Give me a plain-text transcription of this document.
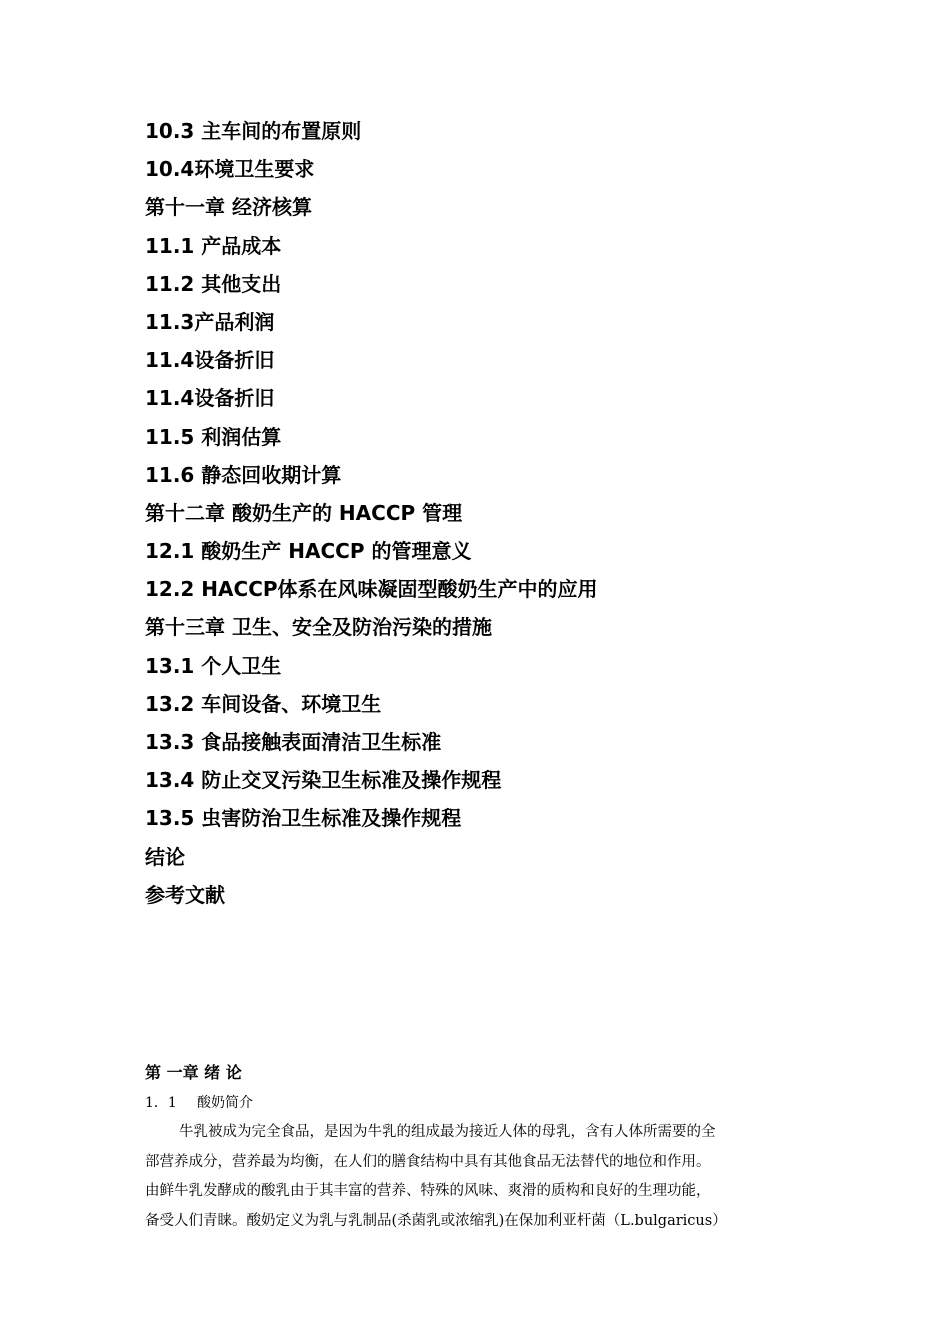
10.3 主车间的布置原则
10.4环境卫生要求
第十一章 经济核算
11.1 产品成本
11.2 其他支出
11.3产品利润
11.4设备折旧
11.4设备折旧
11.5 利润估算
11.6 静态回收期计算
第十二章 酸奶生产的 HACCP 管理
12.1 酸奶生产 HACCP 的管理意义
12.2 HACCP体系在风味凝固型酸奶生产中的应用
第十三章 卫生、安全及防治污染的措施
13.1 个人卫生
13.2 车间设备、环境卫生
13.3 食品接触表面清洁卫生标准
13.4 防止交叉污染卫生标准及操作规程
13.5 虫害防治卫生标准及操作规程
结论
参考文献
第 一章 绪 论
1．1 酸奶简介
牛乳被成为完全食品，是因为牛乳的组成最为接近人体的母乳，含有人体所需要的全
部营养成分，营养最为均衡，在人们的膳食结构中具有其他食品无法替代的地位和作用。
由鲜牛乳发酵成的酸乳由于其丰富的营养、特殊的风味、爽滑的质构和良好的生理功能，
备受人们青睐。酸奶定义为乳与乳制品(杀菌乳或浓缩乳)在保加利亚杆菌（L.bulgaricus）
